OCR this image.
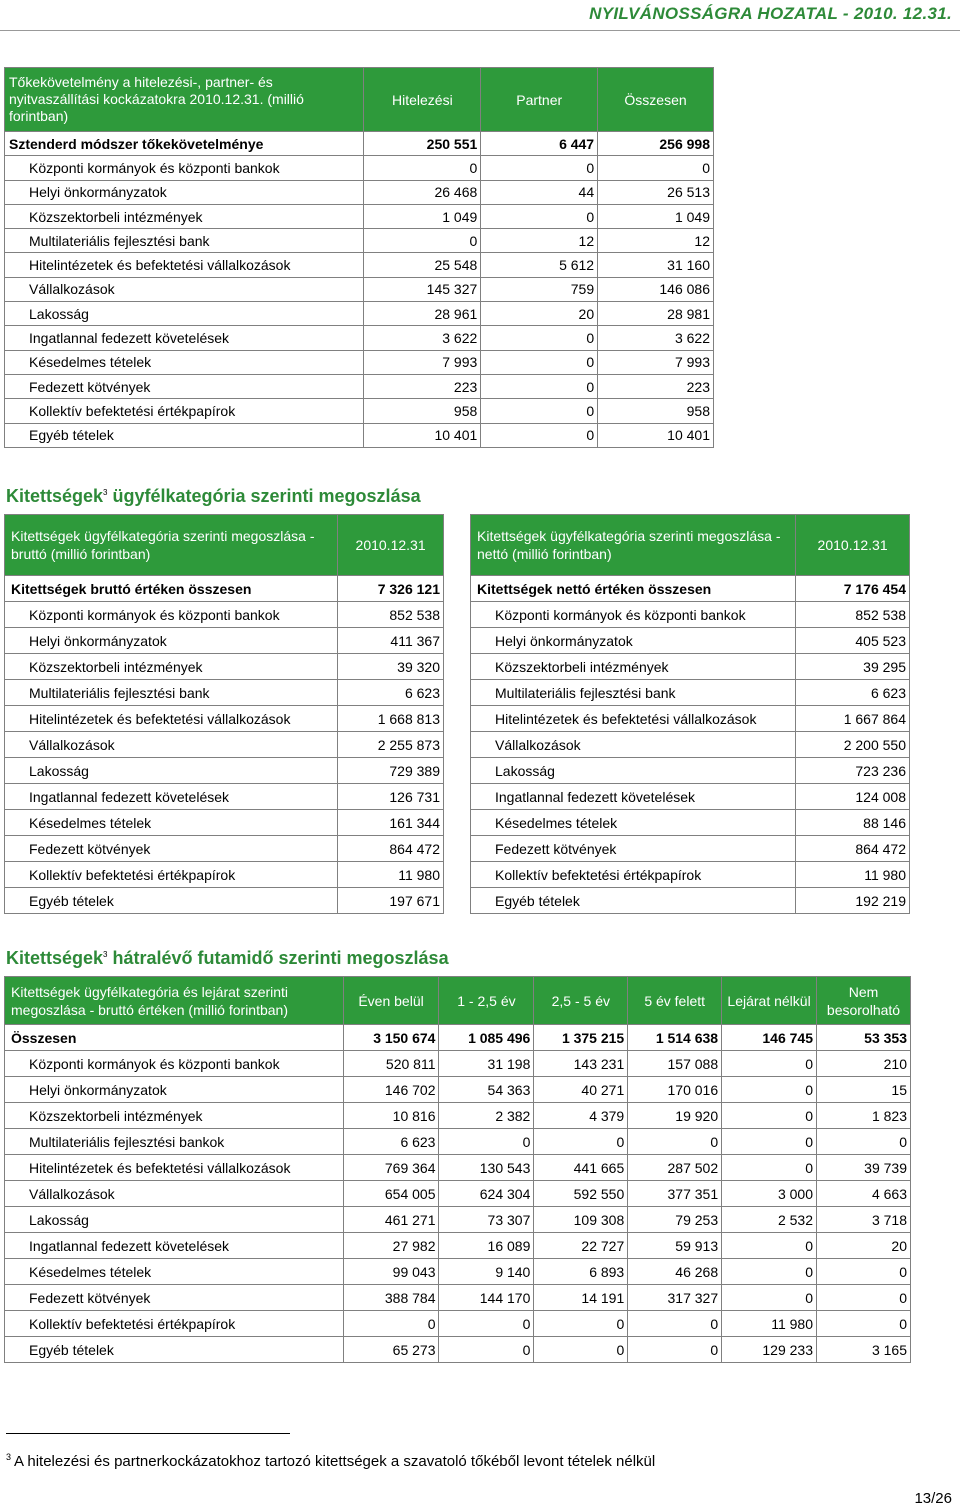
NYILVÁNOSSÁGRA HOZATAL - 2010. 12.31.
Tőkekövetelmény a hitelezési-, partner- és nyitvaszállítási kockázatokra 2010.12.31. (millió forintban)	Hitelezési	Partner	Összesen
Sztenderd módszer tőkekövetelménye	250 551	6 447	256 998
Központi kormányok és központi bankok	0	0	0
Helyi önkormányzatok	26 468	44	26 513
Közszektorbeli intézmények	1 049	0	1 049
Multilateriális fejlesztési bank	0	12	12
Hitelintézetek és befektetési vállalkozások	25 548	5 612	31 160
Vállalkozások	145 327	759	146 086
Lakosság	28 961	20	28 981
Ingatlannal fedezett követelések	3 622	0	3 622
Késedelmes tételek	7 993	0	7 993
Fedezett kötvények	223	0	223
Kollektív befektetési értékpapírok	958	0	958
Egyéb tételek	10 401	0	10 401
Kitettségek$^3$ ügyfélkategória szerinti megoszlása
Kitettségek ügyfélkategória szerinti megoszlása - bruttó (millió forintban)	2010.12.31
Kitettségek bruttó értéken összesen	7 326 121
Központi kormányok és központi bankok	852 538
Helyi önkormányzatok	411 367
Közszektorbeli intézmények	39 320
Multilateriális fejlesztési bank	6 623
Hitelintézetek és befektetési vállalkozások	1 668 813
Vállalkozások	2 255 873
Lakosság	729 389
Ingatlannal fedezett követelések	126 731
Késedelmes tételek	161 344
Fedezett kötvények	864 472
Kollektív befektetési értékpapírok	11 980
Egyéb tételek	197 671
Kitettségek ügyfélkategória szerinti megoszlása - nettó (millió forintban)	2010.12.31
Kitettségek nettó értéken összesen	7 176 454
Központi kormányok és központi bankok	852 538
Helyi önkormányzatok	405 523
Közszektorbeli intézmények	39 295
Multilateriális fejlesztési bank	6 623
Hitelintézetek és befektetési vállalkozások	1 667 864
Vállalkozások	2 200 550
Lakosság	723 236
Ingatlannal fedezett követelések	124 008
Késedelmes tételek	88 146
Fedezett kötvények	864 472
Kollektív befektetési értékpapírok	11 980
Egyéb tételek	192 219
Kitettségek$^3$ hátralévő futamidő szerinti megoszlása
Kitettségek ügyfélkategória és lejárat szerinti megoszlása - bruttó értéken (millió forintban)	Éven belül	1 - 2,5 év	2,5 - 5 év	5 év felett	Lejárat nélkül	Nem besorolható
Összesen	3 150 674	1 085 496	1 375 215	1 514 638	146 745	53 353
Központi kormányok és központi bankok	520 811	31 198	143 231	157 088	0	210
Helyi önkormányzatok	146 702	54 363	40 271	170 016	0	15
Közszektorbeli intézmények	10 816	2 382	4 379	19 920	0	1 823
Multilateriális fejlesztési bankok	6 623	0	0	0	0	0
Hitelintézetek és befektetési vállalkozások	769 364	130 543	441 665	287 502	0	39 739
Vállalkozások	654 005	624 304	592 550	377 351	3 000	4 663
Lakosság	461 271	73 307	109 308	79 253	2 532	3 718
Ingatlannal fedezett követelések	27 982	16 089	22 727	59 913	0	20
Késedelmes tételek	99 043	9 140	6 893	46 268	0	0
Fedezett kötvények	388 784	144 170	14 191	317 327	0	0
Kollektív befektetési értékpapírok	0	0	0	0	11 980	0
Egyéb tételek	65 273	0	0	0	129 233	3 165
$^3$ A hitelezési és partnerkockázatokhoz tartozó kitettségek a szavatoló tőkéből levont tételek nélkül
13/26
